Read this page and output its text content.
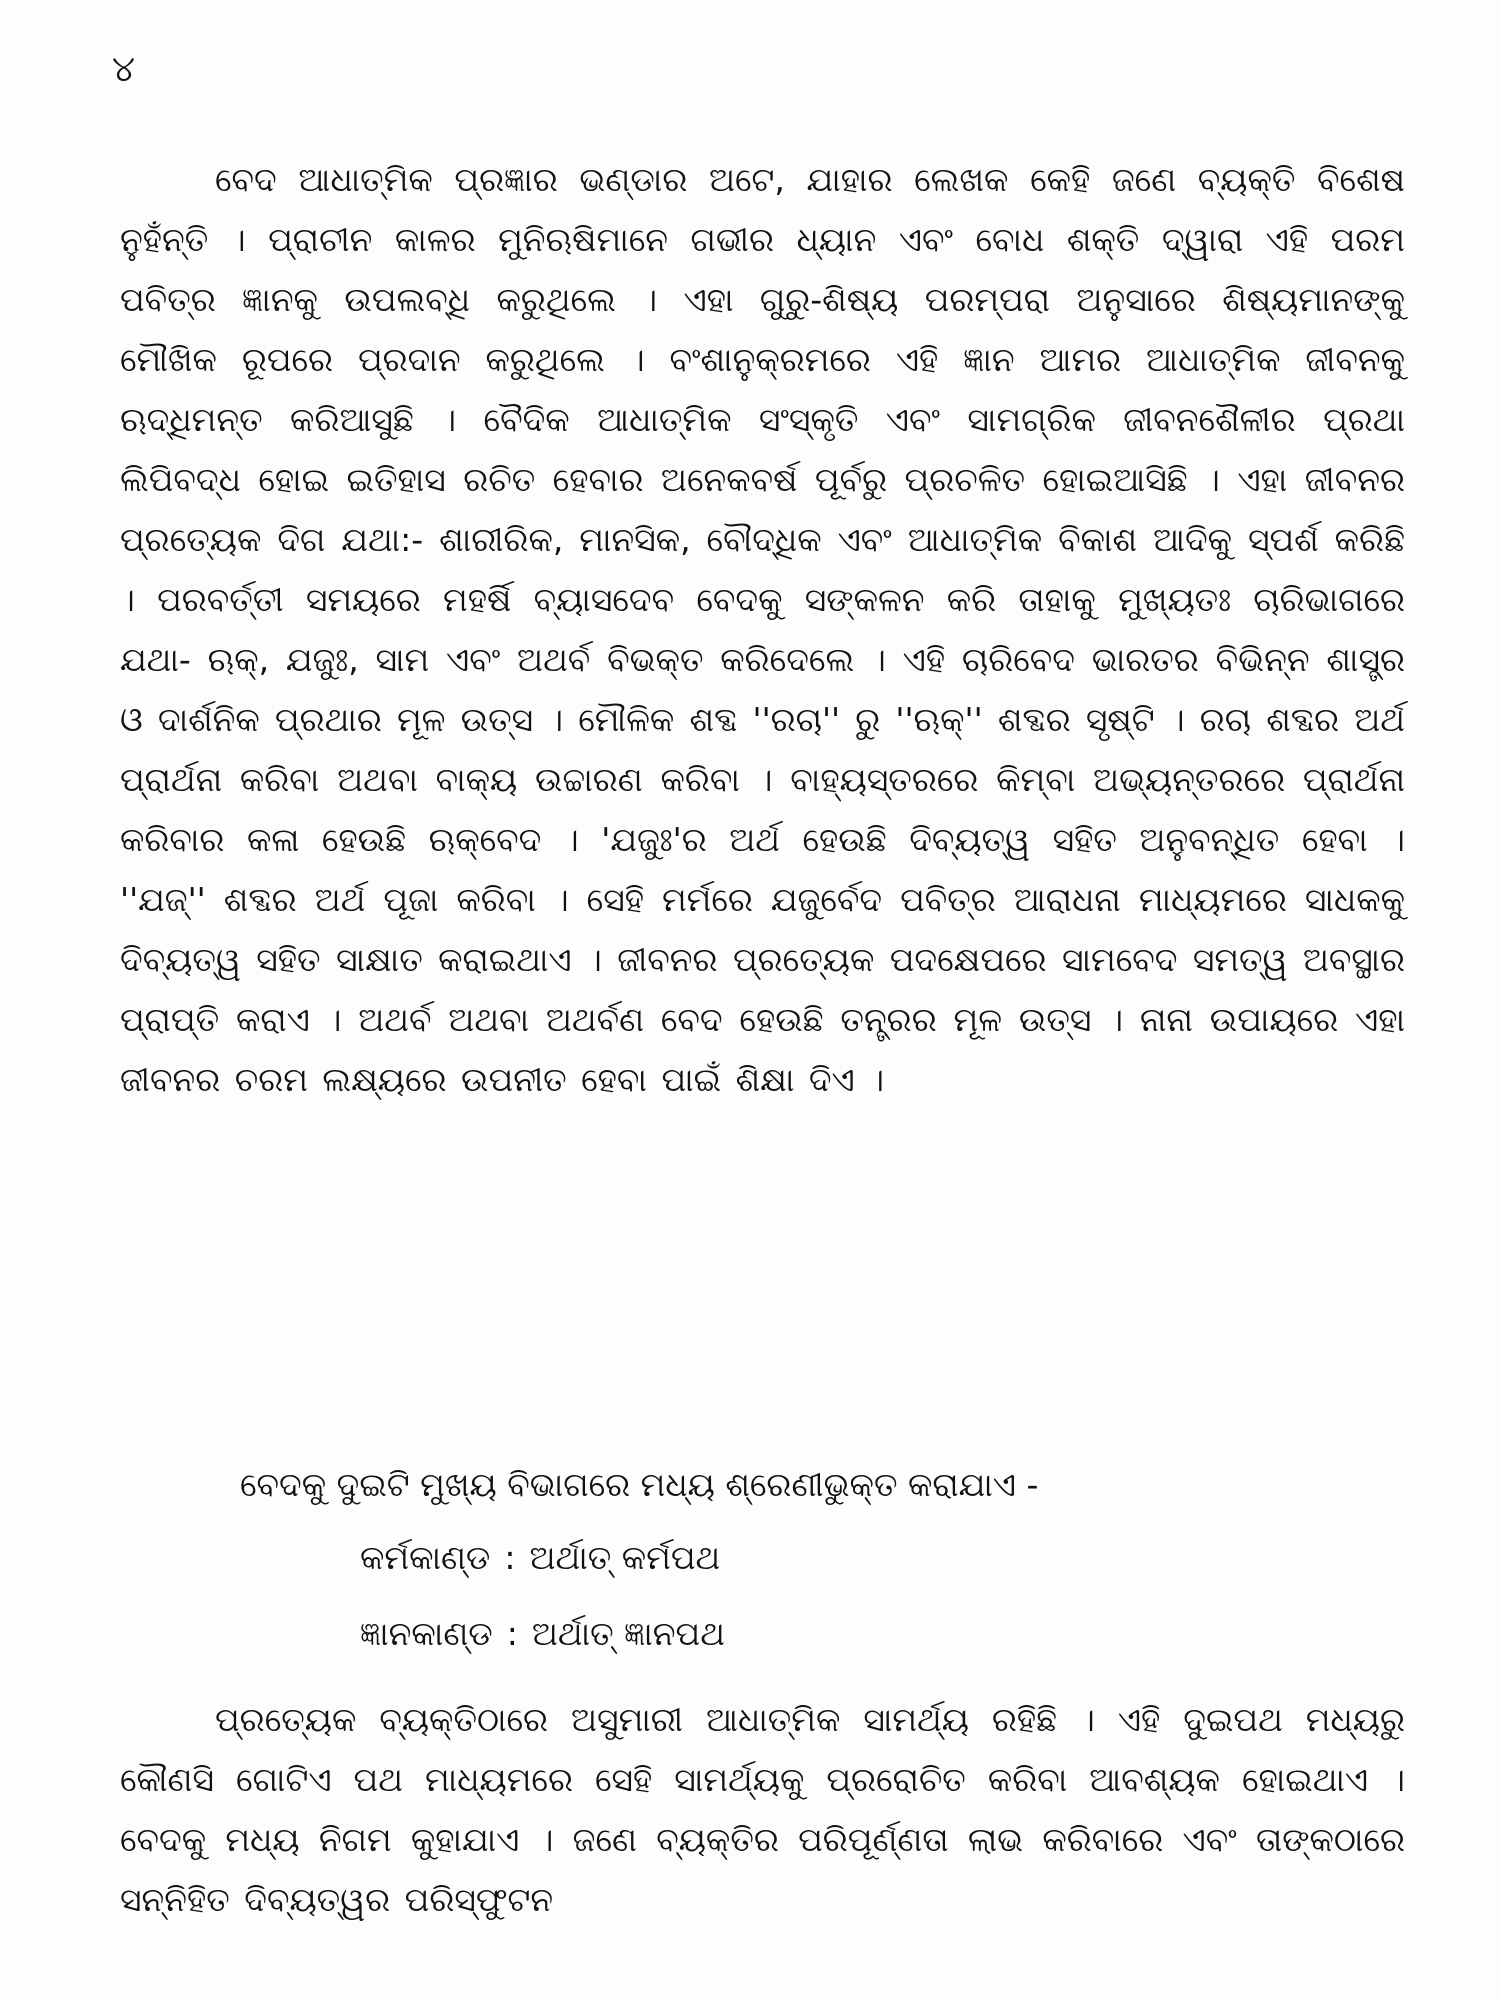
୪

ବେଦ ଆଧାତ୍ମିକ ପ୍ରଜ୍ଞାର ଭଣ୍ଡାର ଅଟେ, ଯାହାର ଲେଖକ କେହି ଜଣେ ବ୍ୟକ୍ତି ବିଶେଷ ନୁହଁନ୍ତି । ପ୍ରାଚୀନ କାଳର ମୁନିଋଷିମାନେ ଗଭୀର ଧ୍ୟାନ ଏବଂ ବୋଧ ଶକ୍ତି ଦ୍ୱାରା ଏହି ପରମ ପବିତ୍ର ଜ୍ଞାନକୁ ଉପଲବ୍ଧି କରୁଥିଲେ । ଏହା ଗୁରୁ-ଶିଷ୍ୟ ପରମ୍ପରା ଅନୁସାରେ ଶିଷ୍ୟମାନଙ୍କୁ ମୌଖିକ ରୂପରେ ପ୍ରଦାନ କରୁଥିଲେ । ବଂଶାନୁକ୍ରମରେ ଏହି ଜ୍ଞାନ ଆମର ଆଧାତ୍ମିକ ଜୀବନକୁ ଋଦ୍ଧିମନ୍ତ କରିଆସୁଛି । ବୈଦିକ ଆଧାତ୍ମିକ ସଂସ୍କୃତି ଏବଂ ସାମଗ୍ରିକ ଜୀବନଶୈଳୀର ପ୍ରଥା ଲିପିବଦ୍ଧ ହୋଇ ଇତିହାସ ରଚିତ ହେବାର ଅନେକବର୍ଷ ପୂର୍ବରୁ ପ୍ରଚଳିତ ହୋଇଆସିଛି । ଏହା ଜୀବନର ପ୍ରତ୍ୟେକ ଦିଗ ଯଥା:- ଶାରୀରିକ, ମାନସିକ, ବୌଦ୍ଧିକ ଏବଂ ଆଧାତ୍ମିକ ବିକାଶ ଆଦିକୁ ସ୍ପର୍ଶ କରିଛି । ପରବର୍ତ୍ତୀ ସମୟରେ ମହର୍ଷି ବ୍ୟାସଦେବ ବେଦକୁ ସଙ୍କଳନ କରି ତାହାକୁ ମୁଖ୍ୟତଃ ଚାରିଭାଗରେ ଯଥା- ଋକ୍, ଯଜୁଃ, ସାମ ଏବଂ ଅଥର୍ବ ବିଭକ୍ତ କରିଦେଲେ । ଏହି ଚାରିବେଦ ଭାରତର ବିଭିନ୍ନ ଶାସ୍ତ୍ର ଓ ଦାର୍ଶନିକ ପ୍ରଥାର ମୂଳ ଉତ୍ସ । ମୌଳିକ ଶବ୍ଦ ''ରଚା'' ରୁ ''ଋକ୍'' ଶବ୍ଦର ସୃଷ୍ଟି । ରଚା ଶବ୍ଦର ଅର୍ଥ ପ୍ରାର୍ଥନା କରିବା ଅଥବା ବାକ୍ୟ ଉଚ୍ଚାରଣ କରିବା । ବାହ୍ୟସ୍ତରରେ କିମ୍ବା ଅଭ୍ୟନ୍ତରରେ ପ୍ରାର୍ଥନା କରିବାର କଳା ହେଉଛି ଋକ୍‌ବେଦ । 'ଯଜୁଃ'ର ଅର୍ଥ ହେଉଛି ଦିବ୍ୟତ୍ୱ ସହିତ ଅନୁବନ୍ଧିତ ହେବା । ''ଯଜ୍'' ଶବ୍ଦର ଅର୍ଥ ପୂଜା କରିବା । ସେହି ମର୍ମରେ ଯଜୁର୍ବେଦ ପବିତ୍ର ଆରାଧନା ମାଧ୍ୟମରେ ସାଧକକୁ ଦିବ୍ୟତ୍ୱ ସହିତ ସାକ୍ଷାତ କରାଇଥାଏ । ଜୀବନର ପ୍ରତ୍ୟେକ ପଦକ୍ଷେପରେ ସାମବେଦ ସମତ୍ୱ ଅବସ୍ଥାର ପ୍ରାପ୍ତି କରାଏ । ଅଥର୍ବ ଅଥବା ଅଥର୍ବଣ ବେଦ ହେଉଛି ତନ୍ତ୍ରର ମୂଳ ଉତ୍ସ । ନାନା ଉପାୟରେ ଏହା ଜୀବନର ଚରମ ଲକ୍ଷ୍ୟରେ ଉପନୀତ ହେବା ପାଇଁ ଶିକ୍ଷା ଦିଏ ।

ବେଦକୁ ଦୁଇଟି ମୁଖ୍ୟ ବିଭାଗରେ ମଧ୍ୟ ଶ୍ରେଣୀଭୁକ୍ତ କରାଯାଏ -
କର୍ମକାଣ୍ଡ : ଅର୍ଥାତ୍ କର୍ମପଥ
ଜ୍ଞାନକାଣ୍ଡ : ଅର୍ଥାତ୍ ଜ୍ଞାନପଥ

ପ୍ରତ୍ୟେକ ବ୍ୟକ୍ତିଠାରେ ଅସୁମାରୀ ଆଧାତ୍ମିକ ସାମର୍ଥ୍ୟ ରହିଛି । ଏହି ଦୁଇପଥ ମଧ୍ୟରୁ କୌଣସି ଗୋଟିଏ ପଥ ମାଧ୍ୟମରେ ସେହି ସାମର୍ଥ୍ୟକୁ ପ୍ରରୋଚିତ କରିବା ଆବଶ୍ୟକ ହୋଇଥାଏ । ବେଦକୁ ମଧ୍ୟ ନିଗମ କୁହାଯାଏ । ଜଣେ ବ୍ୟକ୍ତିର ପରିପୂର୍ଣ୍ଣତା ଲାଭ କରିବାରେ ଏବଂ ତାଙ୍କଠାରେ ସନ୍ନିହିତ ଦିବ୍ୟତ୍ୱର ପରିସ୍ଫୁଟନ
